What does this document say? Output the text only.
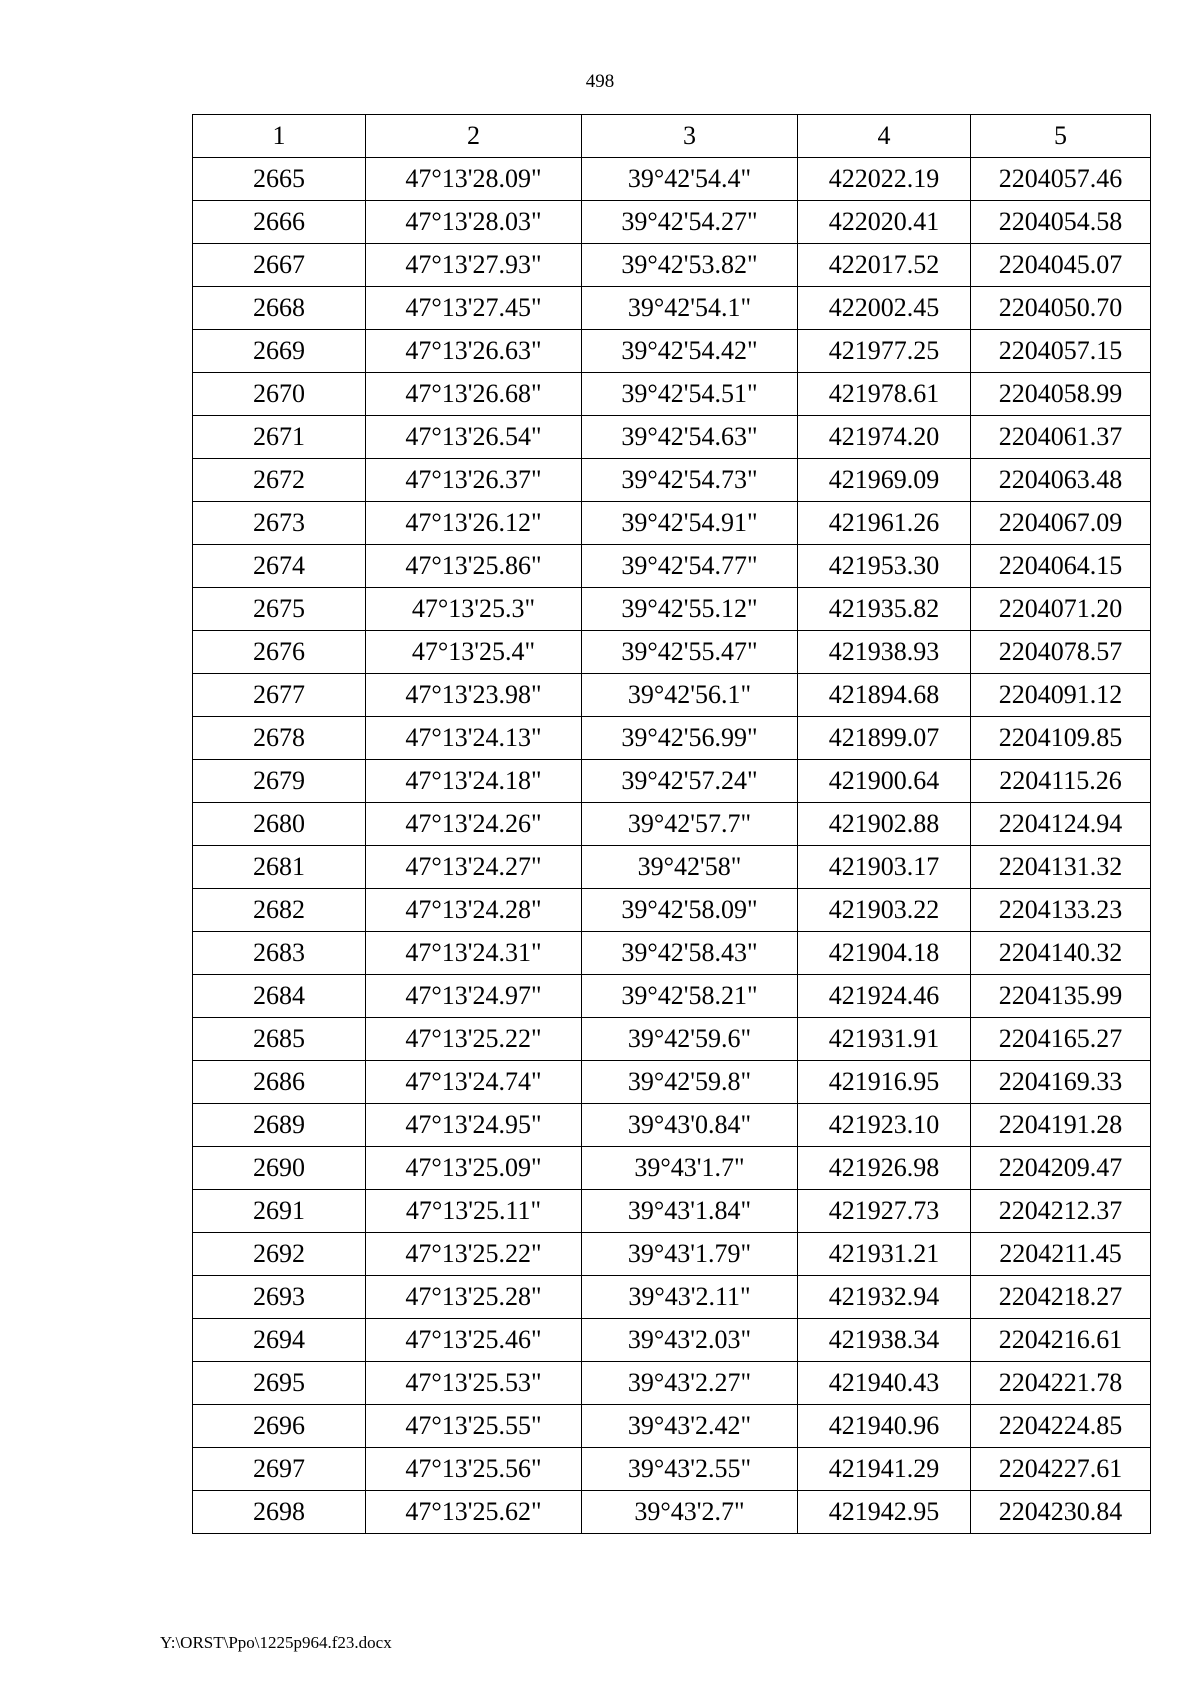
498
1	2	3	4	5
2665	47°13'28.09"	39°42'54.4"	422022.19	2204057.46
2666	47°13'28.03"	39°42'54.27"	422020.41	2204054.58
2667	47°13'27.93"	39°42'53.82"	422017.52	2204045.07
2668	47°13'27.45"	39°42'54.1"	422002.45	2204050.70
2669	47°13'26.63"	39°42'54.42"	421977.25	2204057.15
2670	47°13'26.68"	39°42'54.51"	421978.61	2204058.99
2671	47°13'26.54"	39°42'54.63"	421974.20	2204061.37
2672	47°13'26.37"	39°42'54.73"	421969.09	2204063.48
2673	47°13'26.12"	39°42'54.91"	421961.26	2204067.09
2674	47°13'25.86"	39°42'54.77"	421953.30	2204064.15
2675	47°13'25.3"	39°42'55.12"	421935.82	2204071.20
2676	47°13'25.4"	39°42'55.47"	421938.93	2204078.57
2677	47°13'23.98"	39°42'56.1"	421894.68	2204091.12
2678	47°13'24.13"	39°42'56.99"	421899.07	2204109.85
2679	47°13'24.18"	39°42'57.24"	421900.64	2204115.26
2680	47°13'24.26"	39°42'57.7"	421902.88	2204124.94
2681	47°13'24.27"	39°42'58"	421903.17	2204131.32
2682	47°13'24.28"	39°42'58.09"	421903.22	2204133.23
2683	47°13'24.31"	39°42'58.43"	421904.18	2204140.32
2684	47°13'24.97"	39°42'58.21"	421924.46	2204135.99
2685	47°13'25.22"	39°42'59.6"	421931.91	2204165.27
2686	47°13'24.74"	39°42'59.8"	421916.95	2204169.33
2689	47°13'24.95"	39°43'0.84"	421923.10	2204191.28
2690	47°13'25.09"	39°43'1.7"	421926.98	2204209.47
2691	47°13'25.11"	39°43'1.84"	421927.73	2204212.37
2692	47°13'25.22"	39°43'1.79"	421931.21	2204211.45
2693	47°13'25.28"	39°43'2.11"	421932.94	2204218.27
2694	47°13'25.46"	39°43'2.03"	421938.34	2204216.61
2695	47°13'25.53"	39°43'2.27"	421940.43	2204221.78
2696	47°13'25.55"	39°43'2.42"	421940.96	2204224.85
2697	47°13'25.56"	39°43'2.55"	421941.29	2204227.61
2698	47°13'25.62"	39°43'2.7"	421942.95	2204230.84
Y:\ORST\Ppo\1225p964.f23.docx
